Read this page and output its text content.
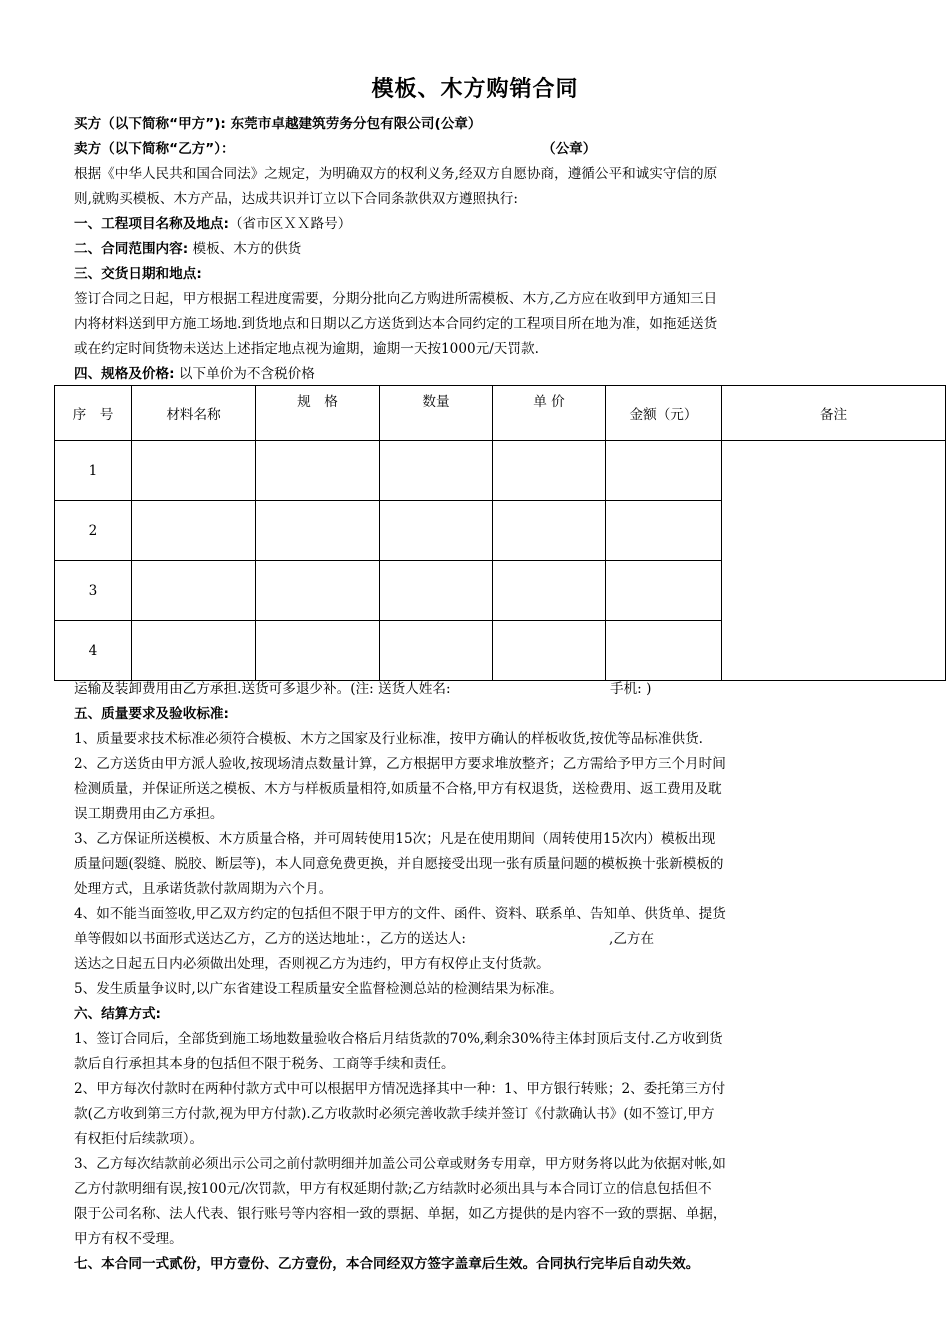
模板、木方购销合同
买方（以下简称“甲方”): 东莞市卓越建筑劳务分包有限公司(公章）
卖方（以下简称“乙方”）：	（公章）
根据《中华人民共和国合同法》之规定，为明确双方的权利义务,经双方自愿协商，遵循公平和诚实守信的原
则,就购买模板、木方产品，达成共识并订立以下合同条款供双方遵照执行:
一、工程项目名称及地点:（省市区ＸＸ路号）
二、合同范围内容: 模板、木方的供货
三、交货日期和地点:
签订合同之日起，甲方根据工程进度需要，分期分批向乙方购进所需模板、木方,乙方应在收到甲方通知三日
内将材料送到甲方施工场地.到货地点和日期以乙方送货到达本合同约定的工程项目所在地为准，如拖延送货
或在约定时间货物未送达上述指定地点视为逾期，逾期一天按1000元/天罚款.
四、规格及价格: 以下单价为不含税价格
序　号	材料名称	规　格	数量	单 价	金额（元）	备注
1						
2						
3						
4						
运输及装卸费用由乙方承担.送货可多退少补。(注: 送货人姓名:	手机: )
五、质量要求及验收标准:
1、质量要求技术标准必须符合模板、木方之国家及行业标准，按甲方确认的样板收货,按优等品标准供货.
2、乙方送货由甲方派人验收,按现场清点数量计算，乙方根据甲方要求堆放整齐；乙方需给予甲方三个月时间
检测质量，并保证所送之模板、木方与样板质量相符,如质量不合格,甲方有权退货，送检费用、返工费用及耽
误工期费用由乙方承担。
3、乙方保证所送模板、木方质量合格，并可周转使用15次；凡是在使用期间（周转使用15次内）模板出现
质量问题(裂缝、脱胶、断层等)，本人同意免费更换，并自愿接受出现一张有质量问题的模板换十张新模板的
处理方式，且承诺货款付款周期为六个月。
4、如不能当面签收,甲乙双方约定的包括但不限于甲方的文件、函件、资料、联系单、告知单、供货单、提货
单等假如以书面形式送达乙方，乙方的送达地址：，乙方的送达人:	,乙方在
送达之日起五日内必须做出处理，否则视乙方为违约，甲方有权停止支付货款。
5、发生质量争议时,以广东省建设工程质量安全监督检测总站的检测结果为标准。
六、结算方式:
1、签订合同后，全部货到施工场地数量验收合格后月结货款的70%,剩余30%待主体封顶后支付.乙方收到货
款后自行承担其本身的包括但不限于税务、工商等手续和责任。
2、甲方每次付款时在两种付款方式中可以根据甲方情况选择其中一种：1、甲方银行转账；2、委托第三方付
款(乙方收到第三方付款,视为甲方付款).乙方收款时必须完善收款手续并签订《付款确认书》(如不签订,甲方
有权拒付后续款项）。
3、乙方每次结款前必须出示公司之前付款明细并加盖公司公章或财务专用章，甲方财务将以此为依据对帐,如
乙方付款明细有误,按100元/次罚款，甲方有权延期付款;乙方结款时必须出具与本合同订立的信息包括但不
限于公司名称、法人代表、银行账号等内容相一致的票据、单据，如乙方提供的是内容不一致的票据、单据，
甲方有权不受理。
七、本合同一式贰份，甲方壹份、乙方壹份，本合同经双方签字盖章后生效。合同执行完毕后自动失效。
